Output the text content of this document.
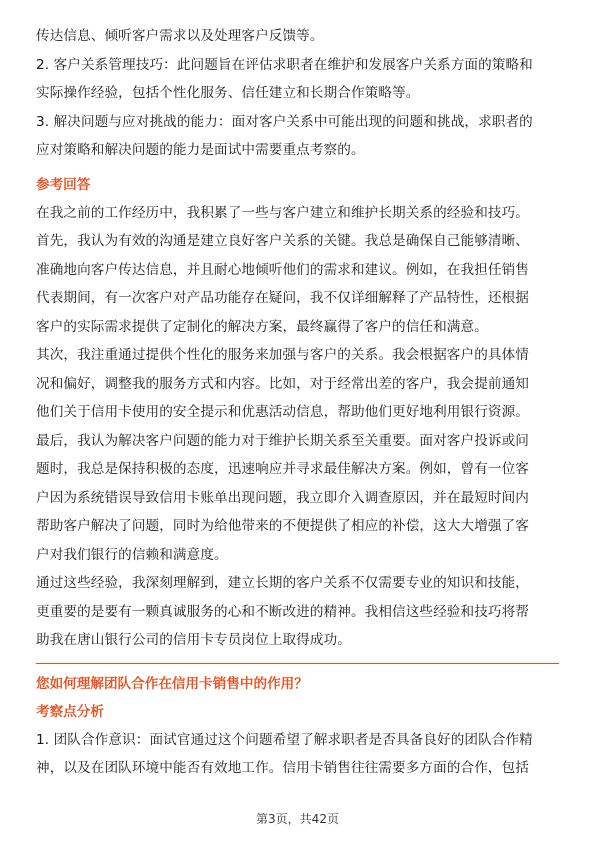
传达信息、倾听客户需求以及处理客户反馈等。
2. 客户关系管理技巧：此问题旨在评估求职者在维护和发展客户关系方面的策略和
实际操作经验，包括个性化服务、信任建立和长期合作策略等。
3. 解决问题与应对挑战的能力：面对客户关系中可能出现的问题和挑战，求职者的
应对策略和解决问题的能力是面试中需要重点考察的。
参考回答
在我之前的工作经历中，我积累了一些与客户建立和维护长期关系的经验和技巧。
首先，我认为有效的沟通是建立良好客户关系的关键。我总是确保自己能够清晰、
准确地向客户传达信息，并且耐心地倾听他们的需求和建议。例如，在我担任销售
代表期间，有一次客户对产品功能存在疑问，我不仅详细解释了产品特性，还根据
客户的实际需求提供了定制化的解决方案，最终赢得了客户的信任和满意。
其次，我注重通过提供个性化的服务来加强与客户的关系。我会根据客户的具体情
况和偏好，调整我的服务方式和内容。比如，对于经常出差的客户，我会提前通知
他们关于信用卡使用的安全提示和优惠活动信息，帮助他们更好地利用银行资源。
最后，我认为解决客户问题的能力对于维护长期关系至关重要。面对客户投诉或问
题时，我总是保持积极的态度，迅速响应并寻求最佳解决方案。例如，曾有一位客
户因为系统错误导致信用卡账单出现问题，我立即介入调查原因，并在最短时间内
帮助客户解决了问题，同时为给他带来的不便提供了相应的补偿，这大大增强了客
户对我们银行的信赖和满意度。
通过这些经验，我深刻理解到，建立长期的客户关系不仅需要专业的知识和技能，
更重要的是要有一颗真诚服务的心和不断改进的精神。我相信这些经验和技巧将帮
助我在唐山银行公司的信用卡专员岗位上取得成功。
您如何理解团队合作在信用卡销售中的作用？
考察点分析
1. 团队合作意识：面试官通过这个问题希望了解求职者是否具备良好的团队合作精
神，以及在团队环境中能否有效地工作。信用卡销售往往需要多方面的合作，包括
第3页，共42页
